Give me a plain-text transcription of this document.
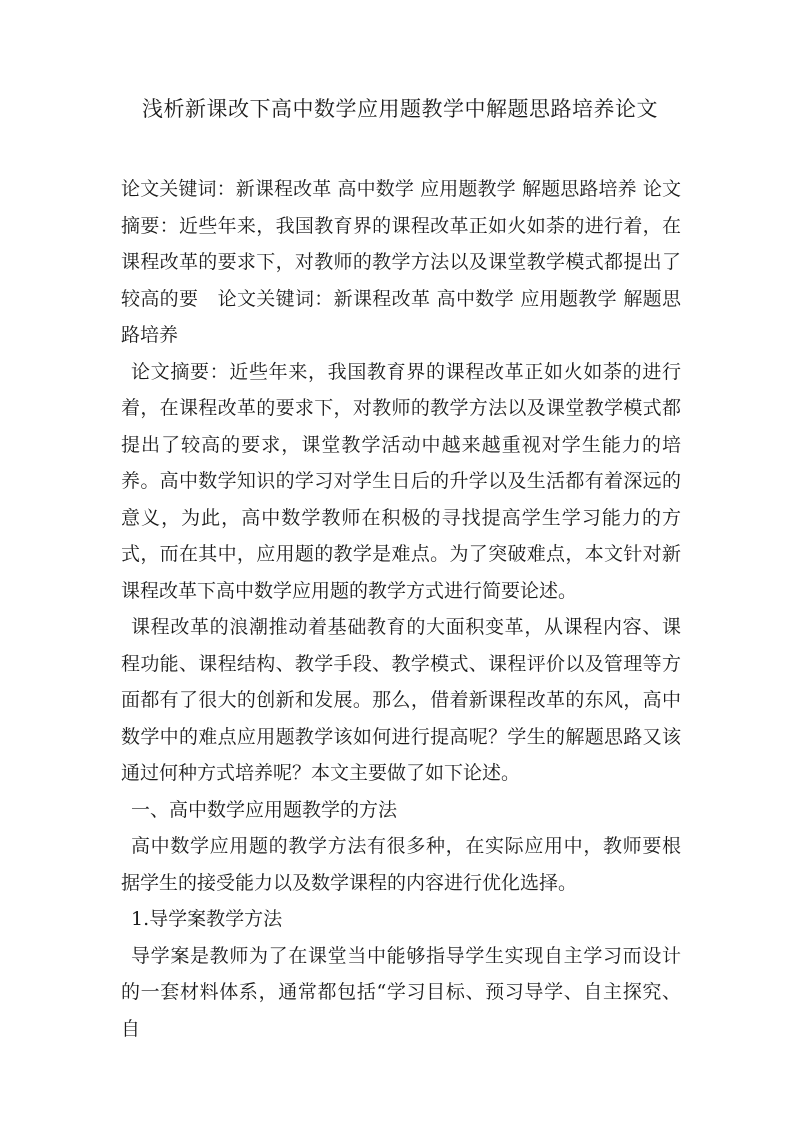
浅析新课改下高中数学应用题教学中解题思路培养论文

论文关键词：新课程改革 高中数学 应用题教学 解题思路培养 论文摘要：近些年来，我国教育界的课程改革正如火如荼的进行着，在课程改革的要求下，对教师的教学方法以及课堂教学模式都提出了较高的要　论文关键词：新课程改革 高中数学 应用题教学 解题思路培养

论文摘要：近些年来，我国教育界的课程改革正如火如荼的进行着，在课程改革的要求下，对教师的教学方法以及课堂教学模式都提出了较高的要求，课堂教学活动中越来越重视对学生能力的培养。高中数学知识的学习对学生日后的升学以及生活都有着深远的意义，为此，高中数学教师在积极的寻找提高学生学习能力的方式，而在其中，应用题的教学是难点。为了突破难点，本文针对新课程改革下高中数学应用题的教学方式进行简要论述。

课程改革的浪潮推动着基础教育的大面积变革，从课程内容、课程功能、课程结构、教学手段、教学模式、课程评价以及管理等方面都有了很大的创新和发展。那么，借着新课程改革的东风，高中数学中的难点应用题教学该如何进行提高呢？学生的解题思路又该通过何种方式培养呢？本文主要做了如下论述。

一、高中数学应用题教学的方法

高中数学应用题的教学方法有很多种，在实际应用中，教师要根据学生的接受能力以及数学课程的内容进行优化选择。

1.导学案教学方法

导学案是教师为了在课堂当中能够指导学生实现自主学习而设计的一套材料体系，通常都包括“学习目标、预习导学、自主探究、自
